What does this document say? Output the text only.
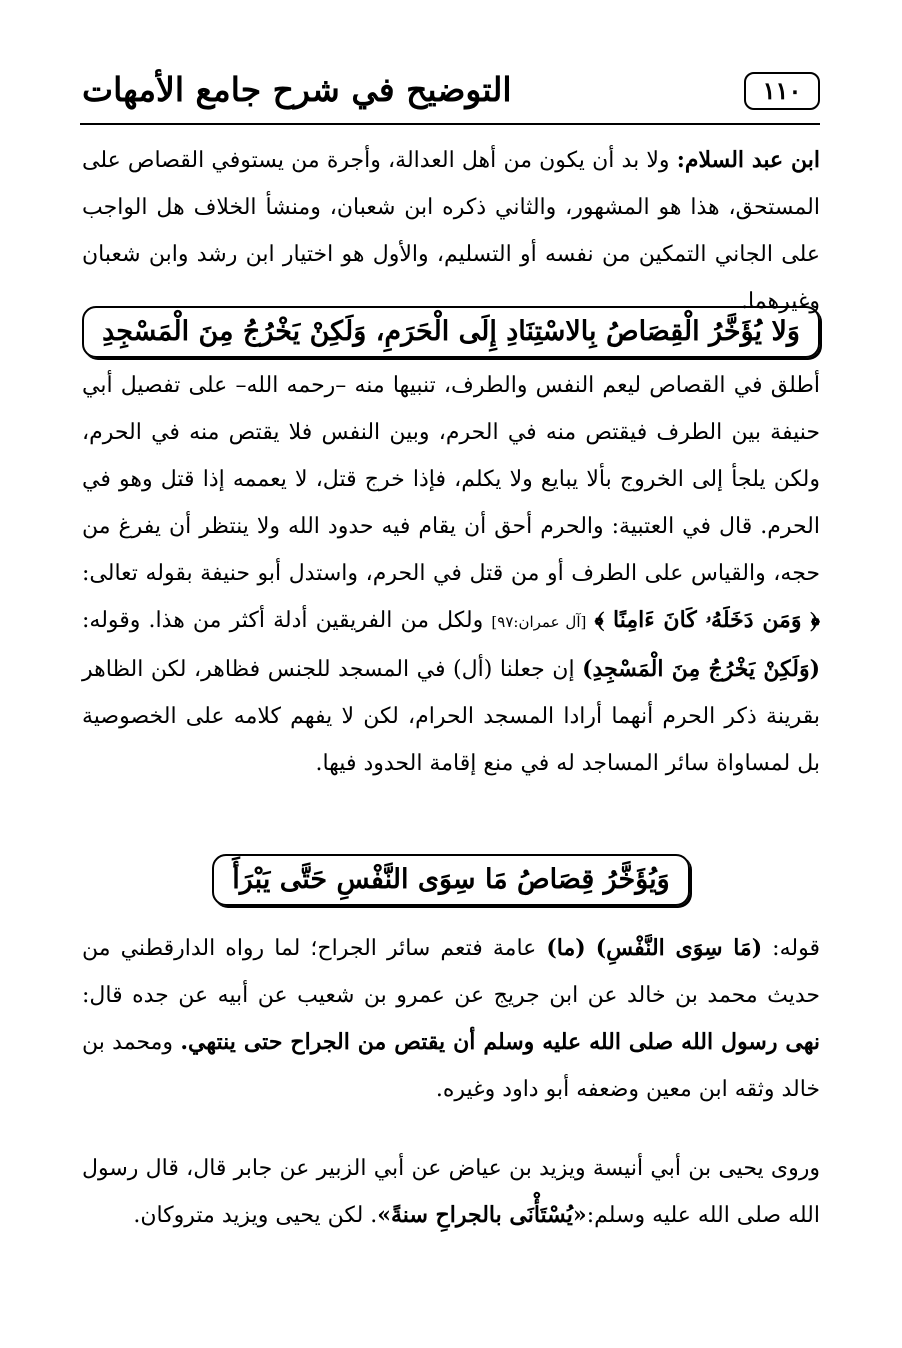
التوضيح في شرح جامع الأمهات	١١٠
ابن عبد السلام: ولا بد أن يكون من أهل العدالة، وأجرة من يستوفي القصاص على المستحق، هذا هو المشهور، والثاني ذكره ابن شعبان، ومنشأ الخلاف هل الواجب على الجاني التمكين من نفسه أو التسليم، والأول هو اختيار ابن رشد وابن شعبان وغيرهما.
وَلا يُؤَخَّرُ الْقِصَاصُ بِالاسْتِنَادِ إِلَى الْحَرَمِ، وَلَكِنْ يَخْرُجُ مِنَ الْمَسْجِدِ
أطلق في القصاص ليعم النفس والطرف، تنبيها منه –رحمه الله– على تفصيل أبي حنيفة بين الطرف فيقتص منه في الحرم، وبين النفس فلا يقتص منه في الحرم، ولكن يلجأ إلى الخروج بألا يبايع ولا يكلم، فإذا خرج قتل، لا يعممه إذا قتل وهو في الحرم. قال في العتبية: والحرم أحق أن يقام فيه حدود الله ولا ينتظر أن يفرغ من حجه، والقياس على الطرف أو من قتل في الحرم، واستدل أبو حنيفة بقوله تعالى: ﴿ وَمَن دَخَلَهُۥ كَانَ ءَامِنًا ﴾ [آل عمران:٩٧] ولكل من الفريقين أدلة أكثر من هذا. وقوله: (وَلَكِنْ يَخْرُجُ مِنَ الْمَسْجِدِ) إن جعلنا (أل) في المسجد للجنس فظاهر، لكن الظاهر بقرينة ذكر الحرم أنهما أرادا المسجد الحرام، لكن لا يفهم كلامه على الخصوصية بل لمساواة سائر المساجد له في منع إقامة الحدود فيها.
وَيُؤَخَّرُ قِصَاصُ مَا سِوَى النَّفْسِ حَتَّى يَبْرَأَ
قوله: (مَا سِوَى النَّفْسِ) (ما) عامة فتعم سائر الجراح؛ لما رواه الدارقطني من حديث محمد بن خالد عن ابن جريج عن عمرو بن شعيب عن أبيه عن جده قال: نهى رسول الله صلى الله عليه وسلم أن يقتص من الجراح حتى ينتهي. ومحمد بن خالد وثقه ابن معين وضعفه أبو داود وغيره.
وروى يحيى بن أبي أنيسة ويزيد بن عياض عن أبي الزبير عن جابر قال، قال رسول الله صلى الله عليه وسلم:«يُسْتَأْنَى بالجراحِ سنةً». لكن يحيى ويزيد متروكان.
